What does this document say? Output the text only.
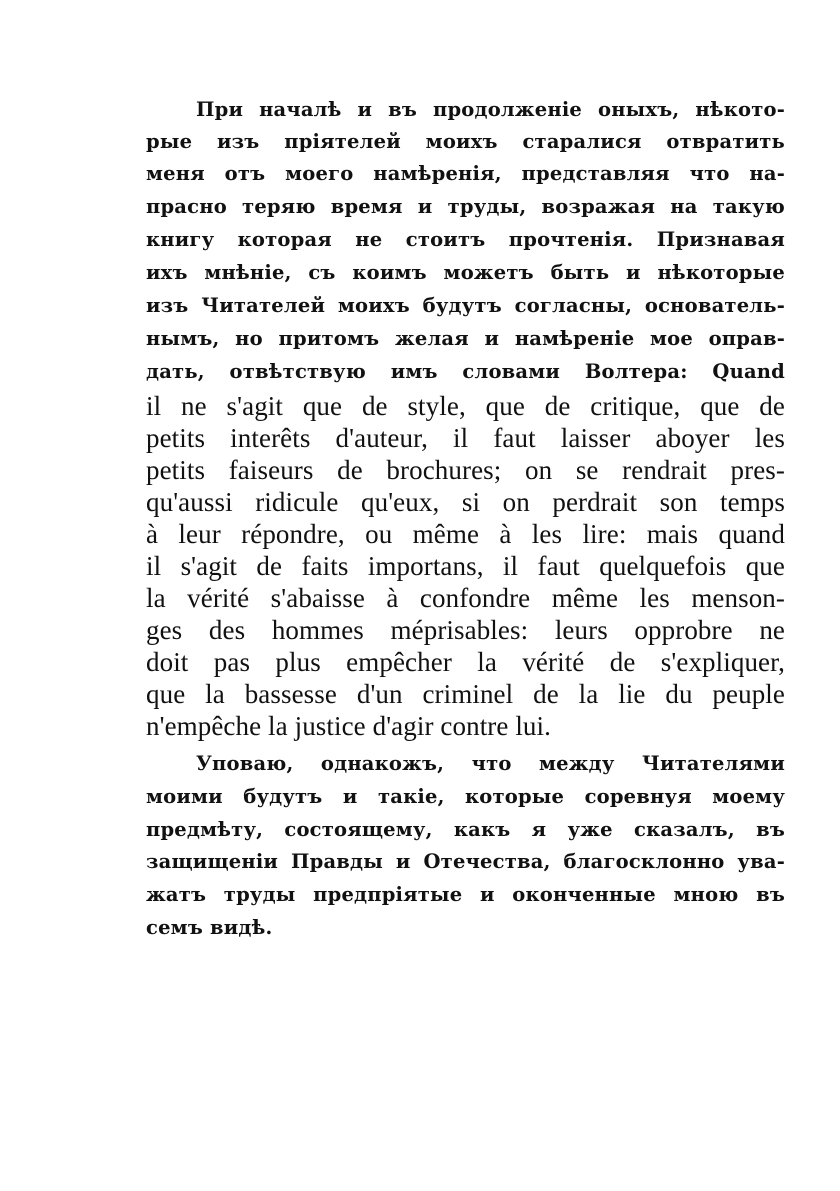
При началѣ и въ продолженіе оныхъ, нѣкото-
рые изъ пріятелей моихъ старалися отвратить
меня отъ моего намѣренія, представляя что на-
прасно теряю время и труды, возражая на такую
книгу которая не стоитъ прочтенія. Признавая
ихъ мнѣніе, съ коимъ можетъ быть и нѣкоторые
изъ Читателей моихъ будутъ согласны, основатель-
нымъ, но притомъ желая и намѣреніе мое оправ-
дать, отвѣтствую имъ словами Волтера: Quand
il ne s'agit que de style, que de critique, que de
petits interêts d'auteur, il faut laisser aboyer les
petits faiseurs de brochures; on se rendrait pres-
qu'aussi ridicule qu'eux, si on perdrait son temps
à leur répondre, ou même à les lire: mais quand
il s'agit de faits importans, il faut quelquefois que
la vérité s'abaisse à confondre même les menson-
ges des hommes méprisables: leurs opprobre ne
doit pas plus empêcher la vérité de s'expliquer,
que la bassesse d'un criminel de la lie du peuple
n'empêche la justice d'agir contre lui.
Уповаю, однакожъ, что между Читателями
моими будутъ и такіе, которые соревнуя моему
предмѣту, состоящему, какъ я уже сказалъ, въ
защищеніи Правды и Отечества, благосклонно ува-
жатъ труды предпріятые и оконченные мною въ
семъ видѣ.
